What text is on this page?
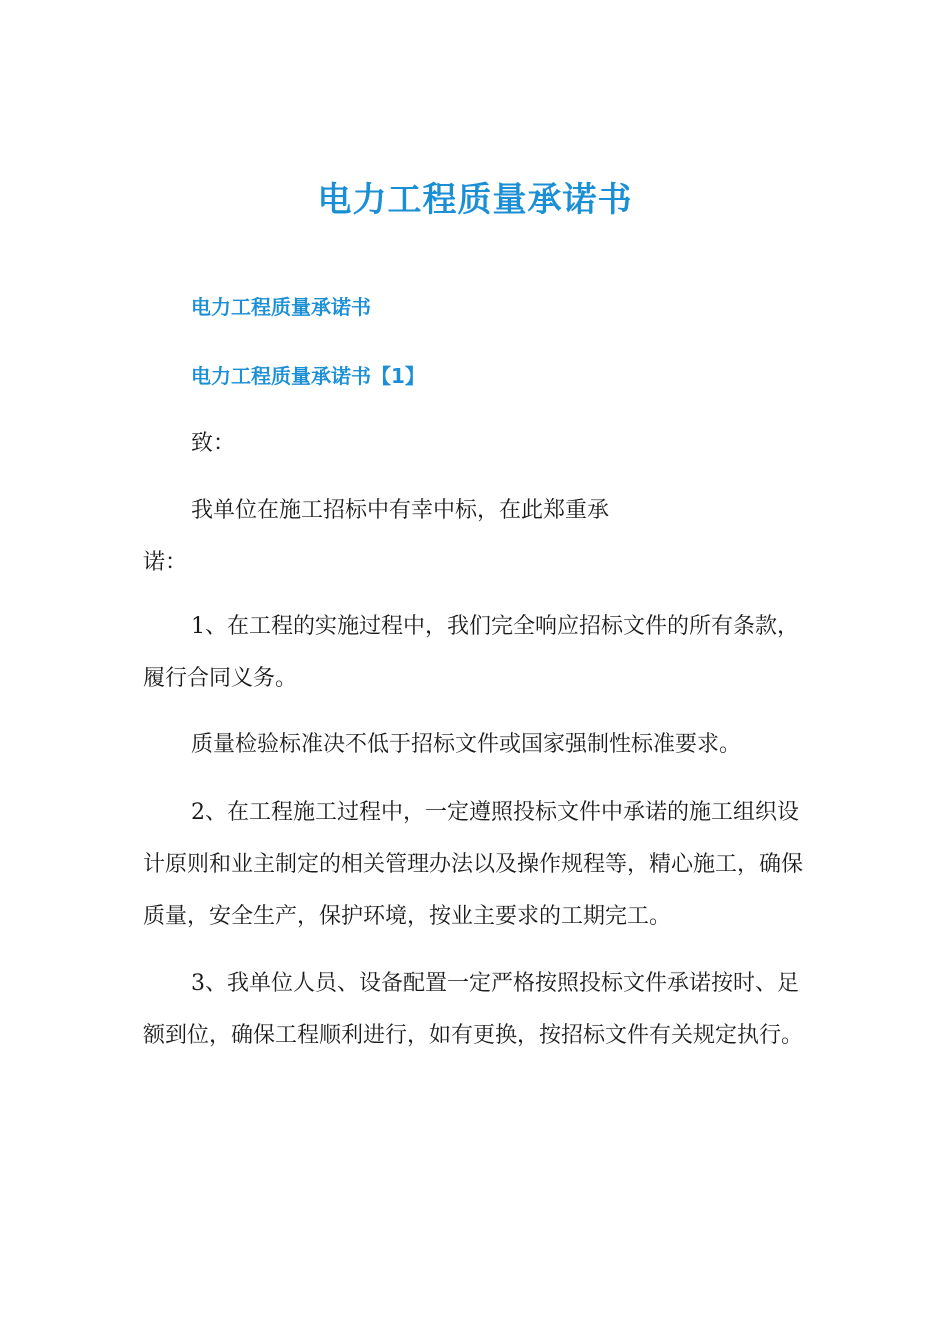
电力工程质量承诺书

电力工程质量承诺书

电力工程质量承诺书【1】

致：

我单位在施工招标中有幸中标，在此郑重承诺：

1、在工程的实施过程中，我们完全响应招标文件的所有条款，履行合同义务。

质量检验标准决不低于招标文件或国家强制性标准要求。

2、在工程施工过程中，一定遵照投标文件中承诺的施工组织设计原则和业主制定的相关管理办法以及操作规程等，精心施工，确保质量，安全生产，保护环境，按业主要求的工期完工。

3、我单位人员、设备配置一定严格按照投标文件承诺按时、足额到位，确保工程顺利进行，如有更换，按招标文件有关规定执行。
